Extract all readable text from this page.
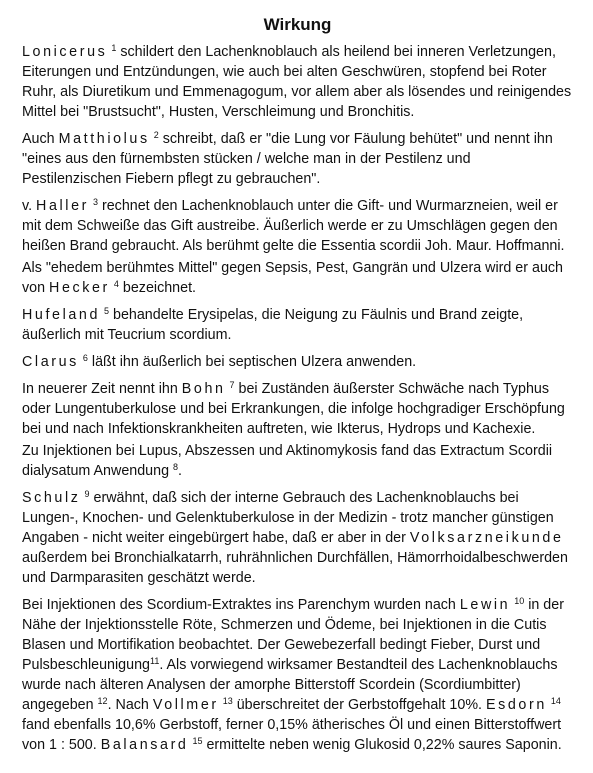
Wirkung

Lonicerus $^1$ schildert den Lachenknoblauch als heilend bei inneren Verletzungen, Eiterungen und Entzündungen, wie auch bei alten Geschwüren, stopfend bei Roter Ruhr, als Diuretikum und Emmenagogum, vor allem aber als lösendes und reinigendes Mittel bei "Brustsucht", Husten, Verschleimung und Bronchitis.

Auch Matthiolus $^2$ schreibt, daß er "die Lung vor Fäulung behütet" und nennt ihn "eines aus den fürnembsten stücken / welche man in der Pestilenz und Pestilenzischen Fiebern pflegt zu gebrauchen".

v. Haller $^3$ rechnet den Lachenknoblauch unter die Gift- und Wurmarzneien, weil er mit dem Schweiße das Gift austreibe. Äußerlich werde er zu Umschlägen gegen den heißen Brand gebraucht. Als berühmt gelte die Essentia scordii Joh. Maur. Hoffmanni.

Als "ehedem berühmtes Mittel" gegen Sepsis, Pest, Gangrän und Ulzera wird er auch von Hecker $^4$ bezeichnet.

Hufeland $^5$ behandelte Erysipelas, die Neigung zu Fäulnis und Brand zeigte, äußerlich mit Teucrium scordium.

Clarus $^6$ läßt ihn äußerlich bei septischen Ulzera anwenden.

In neuerer Zeit nennt ihn Bohn $^7$ bei Zuständen äußerster Schwäche nach Typhus oder Lungentuberkulose und bei Erkrankungen, die infolge hochgradiger Erschöpfung bei und nach Infektionskrankheiten auftreten, wie Ikterus, Hydrops und Kachexie.

Zu Injektionen bei Lupus, Abszessen und Aktinomykosis fand das Extractum Scordii dialysatum Anwendung $^8$.

Schulz $^9$ erwähnt, daß sich der interne Gebrauch des Lachenknoblauchs bei Lungen-, Knochen- und Gelenktuberkulose in der Medizin - trotz mancher günstigen Angaben - nicht weiter eingebürgert habe, daß er aber in der Volksarzneikunde außerdem bei Bronchialkatarrh, ruhrähnlichen Durchfällen, Hämorrhoidalbeschwerden und Darmparasiten geschätzt werde.

Bei Injektionen des Scordium-Extraktes ins Parenchym wurden nach Lewin $^{10}$ in der Nähe der Injektionsstelle Röte, Schmerzen und Ödeme, bei Injektionen in die Cutis Blasen und Mortifikation beobachtet. Der Gewebezerfall bedingt Fieber, Durst und Pulsbeschleunigung$^{11}$. Als vorwiegend wirksamer Bestandteil des Lachenknoblauchs wurde nach älteren Analysen der amorphe Bitterstoff Scordein (Scordiumbitter) angegeben $^{12}$. Nach Vollmer $^{13}$ überschreitet der Gerbstoffgehalt 10%. Esdorn $^{14}$ fand ebenfalls 10,6% Gerbstoff, ferner 0,15% ätherisches Öl und einen Bitterstoffwert von 1 : 500. Balansard $^{15}$ ermittelte neben wenig Glukosid 0,22% saures Saponin.
